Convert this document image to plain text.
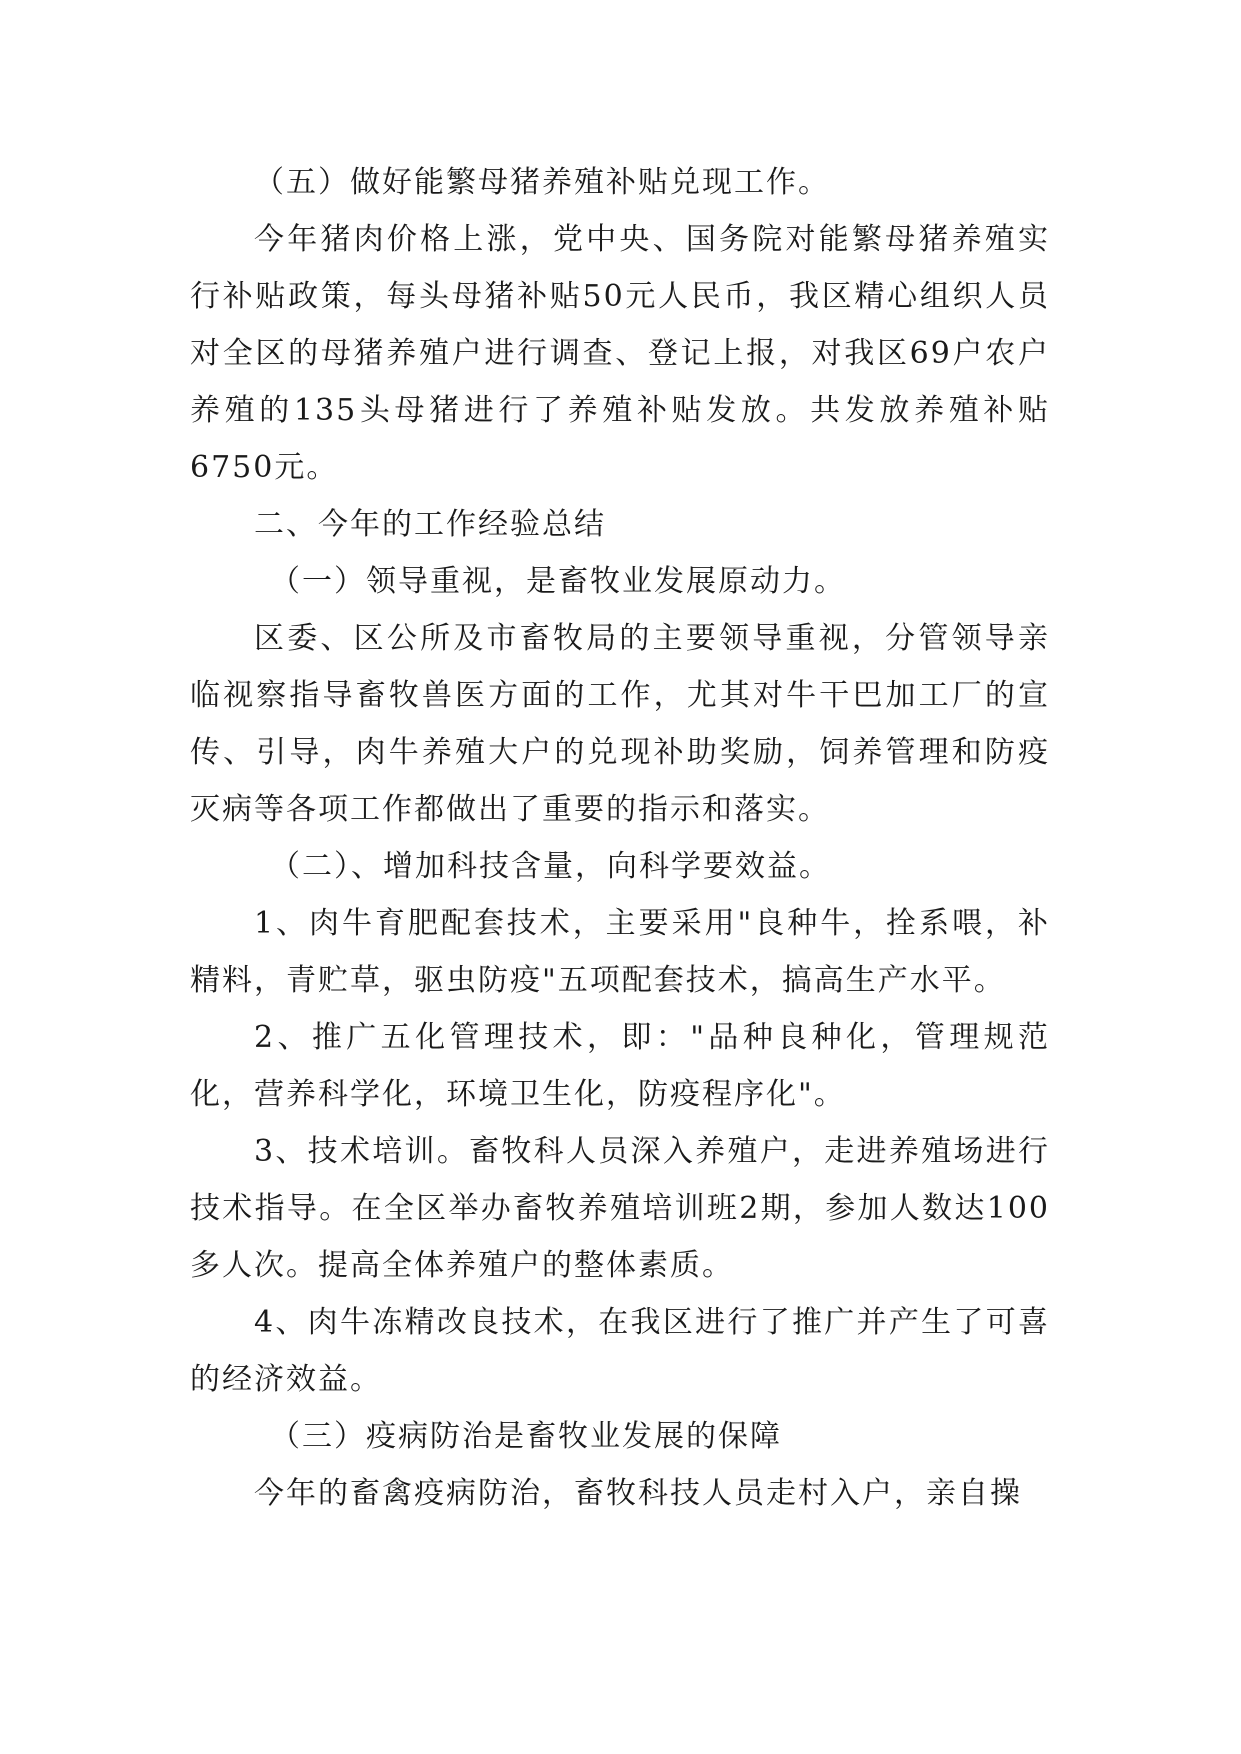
（五）做好能繁母猪养殖补贴兑现工作。

今年猪肉价格上涨，党中央、国务院对能繁母猪养殖实行补贴政策，每头母猪补贴50元人民币，我区精心组织人员对全区的母猪养殖户进行调查、登记上报，对我区69户农户养殖的135头母猪进行了养殖补贴发放。共发放养殖补贴6750元。

二、今年的工作经验总结

（一）领导重视，是畜牧业发展原动力。

区委、区公所及市畜牧局的主要领导重视，分管领导亲临视察指导畜牧兽医方面的工作，尤其对牛干巴加工厂的宣传、引导，肉牛养殖大户的兑现补助奖励，饲养管理和防疫灭病等各项工作都做出了重要的指示和落实。

（二）、增加科技含量，向科学要效益。

1、肉牛育肥配套技术，主要采用"良种牛，拴系喂，补精料，青贮草，驱虫防疫"五项配套技术，搞高生产水平。

2、推广五化管理技术，即："品种良种化，管理规范化，营养科学化，环境卫生化，防疫程序化"。

3、技术培训。畜牧科人员深入养殖户，走进养殖场进行技术指导。在全区举办畜牧养殖培训班2期，参加人数达100多人次。提高全体养殖户的整体素质。

4、肉牛冻精改良技术，在我区进行了推广并产生了可喜的经济效益。

（三）疫病防治是畜牧业发展的保障

今年的畜禽疫病防治，畜牧科技人员走村入户，亲自操
